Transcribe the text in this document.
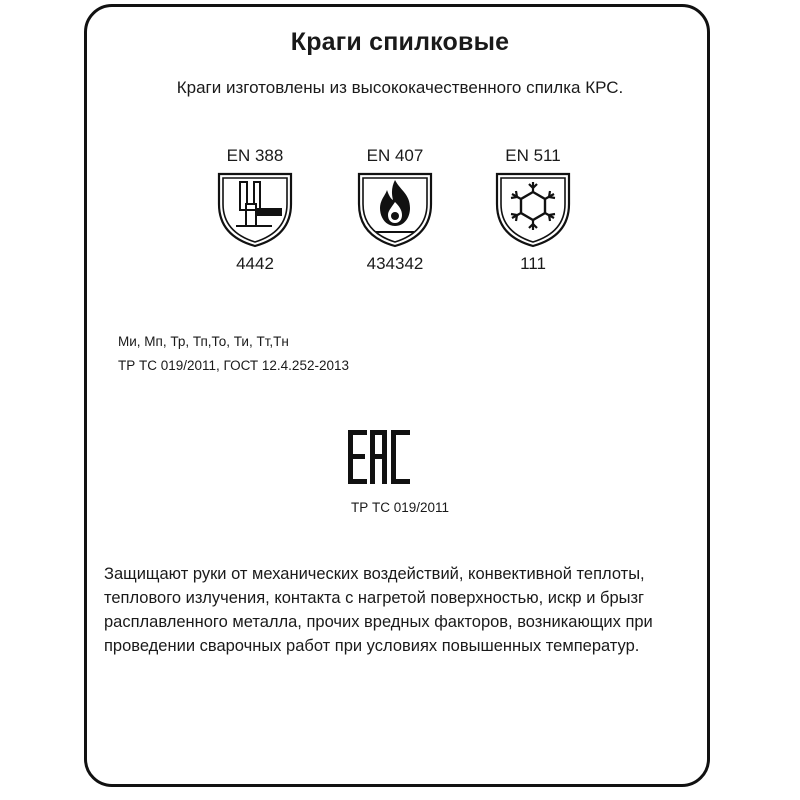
Краги спилковые

Краги изготовлены из высококачественного спилка КРС.

EN 388
4442
EN 407
434342
EN 511
111
Ми, Мп, Тр, Тп,То, Ти, Тт,Тн
ТР ТС 019/2011, ГОСТ 12.4.252-2013
ТР ТС 019/2011

Защищают руки от механических воздействий, конвективной теплоты, теплового излучения, контакта с нагретой поверхностью, искр и брызг расплавленного металла, прочих вредных факторов, возникающих при проведении сварочных работ при условиях повышенных температур.
